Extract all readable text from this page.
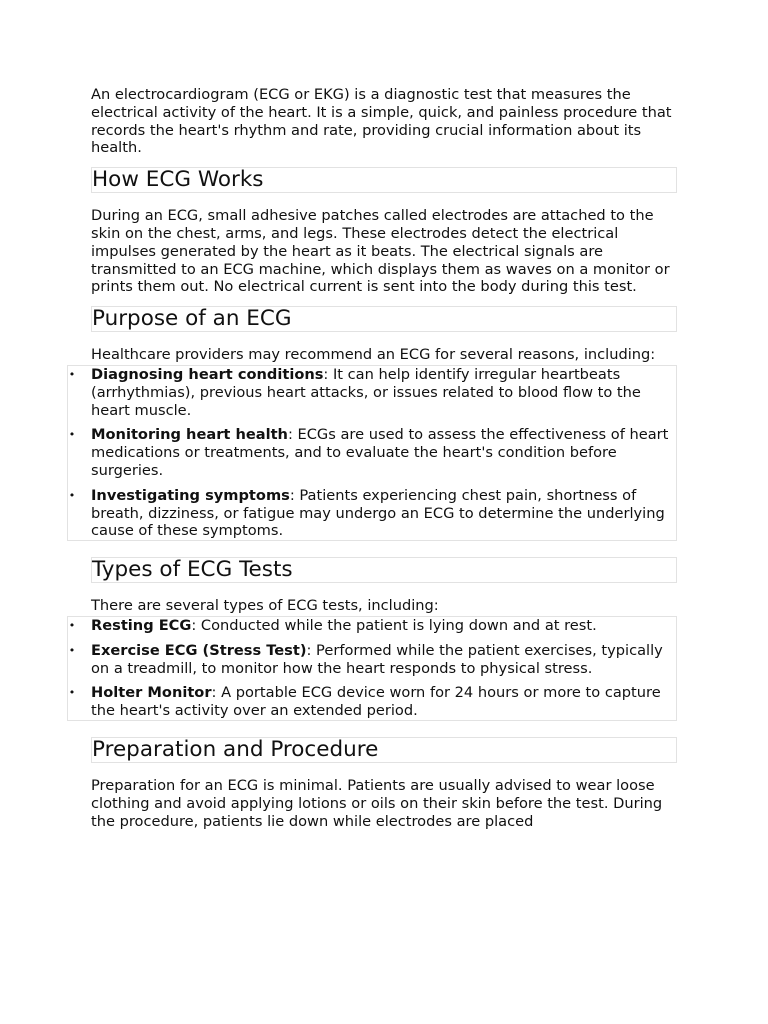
An electrocardiogram (ECG or EKG) is a diagnostic test that measures the electrical activity of the heart. It is a simple, quick, and painless procedure that records the heart's rhythm and rate, providing crucial information about its health.

How ECG Works

During an ECG, small adhesive patches called electrodes are attached to the skin on the chest, arms, and legs. These electrodes detect the electrical impulses generated by the heart as it beats. The electrical signals are transmitted to an ECG machine, which displays them as waves on a monitor or prints them out. No electrical current is sent into the body during this test.

Purpose of an ECG

Healthcare providers may recommend an ECG for several reasons, including:

• Diagnosing heart conditions: It can help identify irregular heartbeats (arrhythmias), previous heart attacks, or issues related to blood flow to the heart muscle.
• Monitoring heart health: ECGs are used to assess the effectiveness of heart medications or treatments, and to evaluate the heart's condition before surgeries.
• Investigating symptoms: Patients experiencing chest pain, shortness of breath, dizziness, or fatigue may undergo an ECG to determine the underlying cause of these symptoms.
Types of ECG Tests

There are several types of ECG tests, including:

• Resting ECG: Conducted while the patient is lying down and at rest.
• Exercise ECG (Stress Test): Performed while the patient exercises, typically on a treadmill, to monitor how the heart responds to physical stress.
• Holter Monitor: A portable ECG device worn for 24 hours or more to capture the heart's activity over an extended period.
Preparation and Procedure

Preparation for an ECG is minimal. Patients are usually advised to wear loose clothing and avoid applying lotions or oils on their skin before the test. During the procedure, patients lie down while electrodes are placed
